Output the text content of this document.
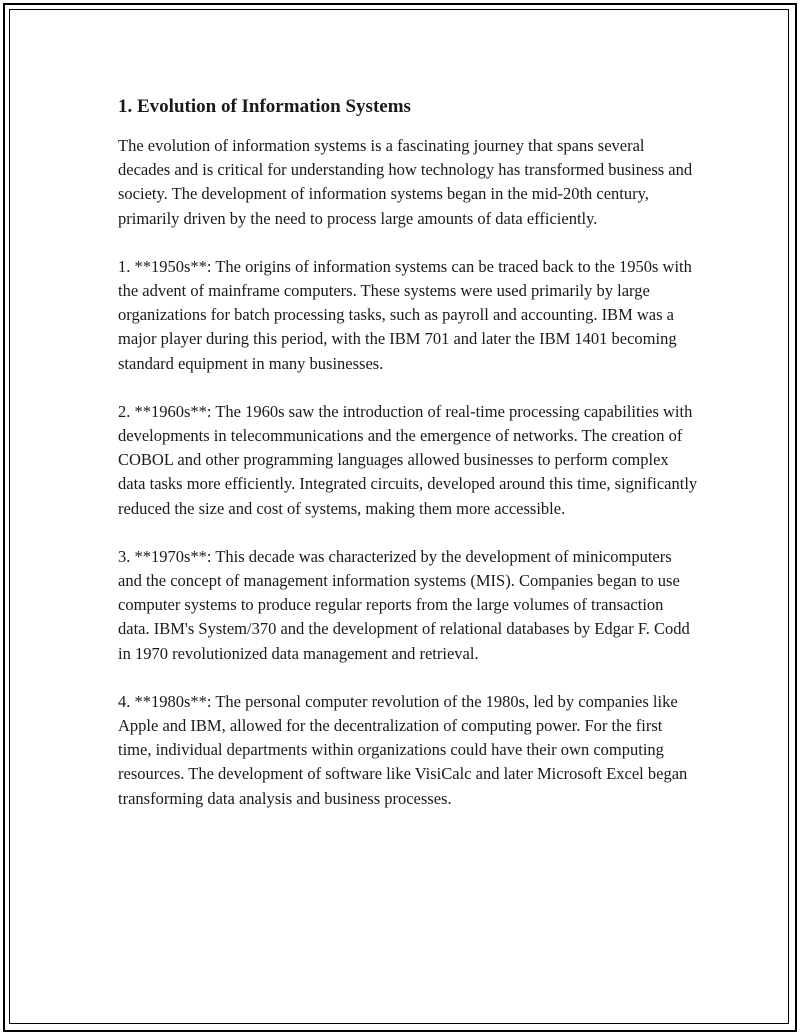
1. Evolution of Information Systems

The evolution of information systems is a fascinating journey that spans several decades and is critical for understanding how technology has transformed business and society. The development of information systems began in the mid-20th century, primarily driven by the need to process large amounts of data efficiently.

1. **1950s**: The origins of information systems can be traced back to the 1950s with the advent of mainframe computers. These systems were used primarily by large organizations for batch processing tasks, such as payroll and accounting. IBM was a major player during this period, with the IBM 701 and later the IBM 1401 becoming standard equipment in many businesses.

2. **1960s**: The 1960s saw the introduction of real-time processing capabilities with developments in telecommunications and the emergence of networks. The creation of COBOL and other programming languages allowed businesses to perform complex data tasks more efficiently. Integrated circuits, developed around this time, significantly reduced the size and cost of systems, making them more accessible.

3. **1970s**: This decade was characterized by the development of minicomputers and the concept of management information systems (MIS). Companies began to use computer systems to produce regular reports from the large volumes of transaction data. IBM's System/370 and the development of relational databases by Edgar F. Codd in 1970 revolutionized data management and retrieval.

4. **1980s**: The personal computer revolution of the 1980s, led by companies like Apple and IBM, allowed for the decentralization of computing power. For the first time, individual departments within organizations could have their own computing resources. The development of software like VisiCalc and later Microsoft Excel began transforming data analysis and business processes.
